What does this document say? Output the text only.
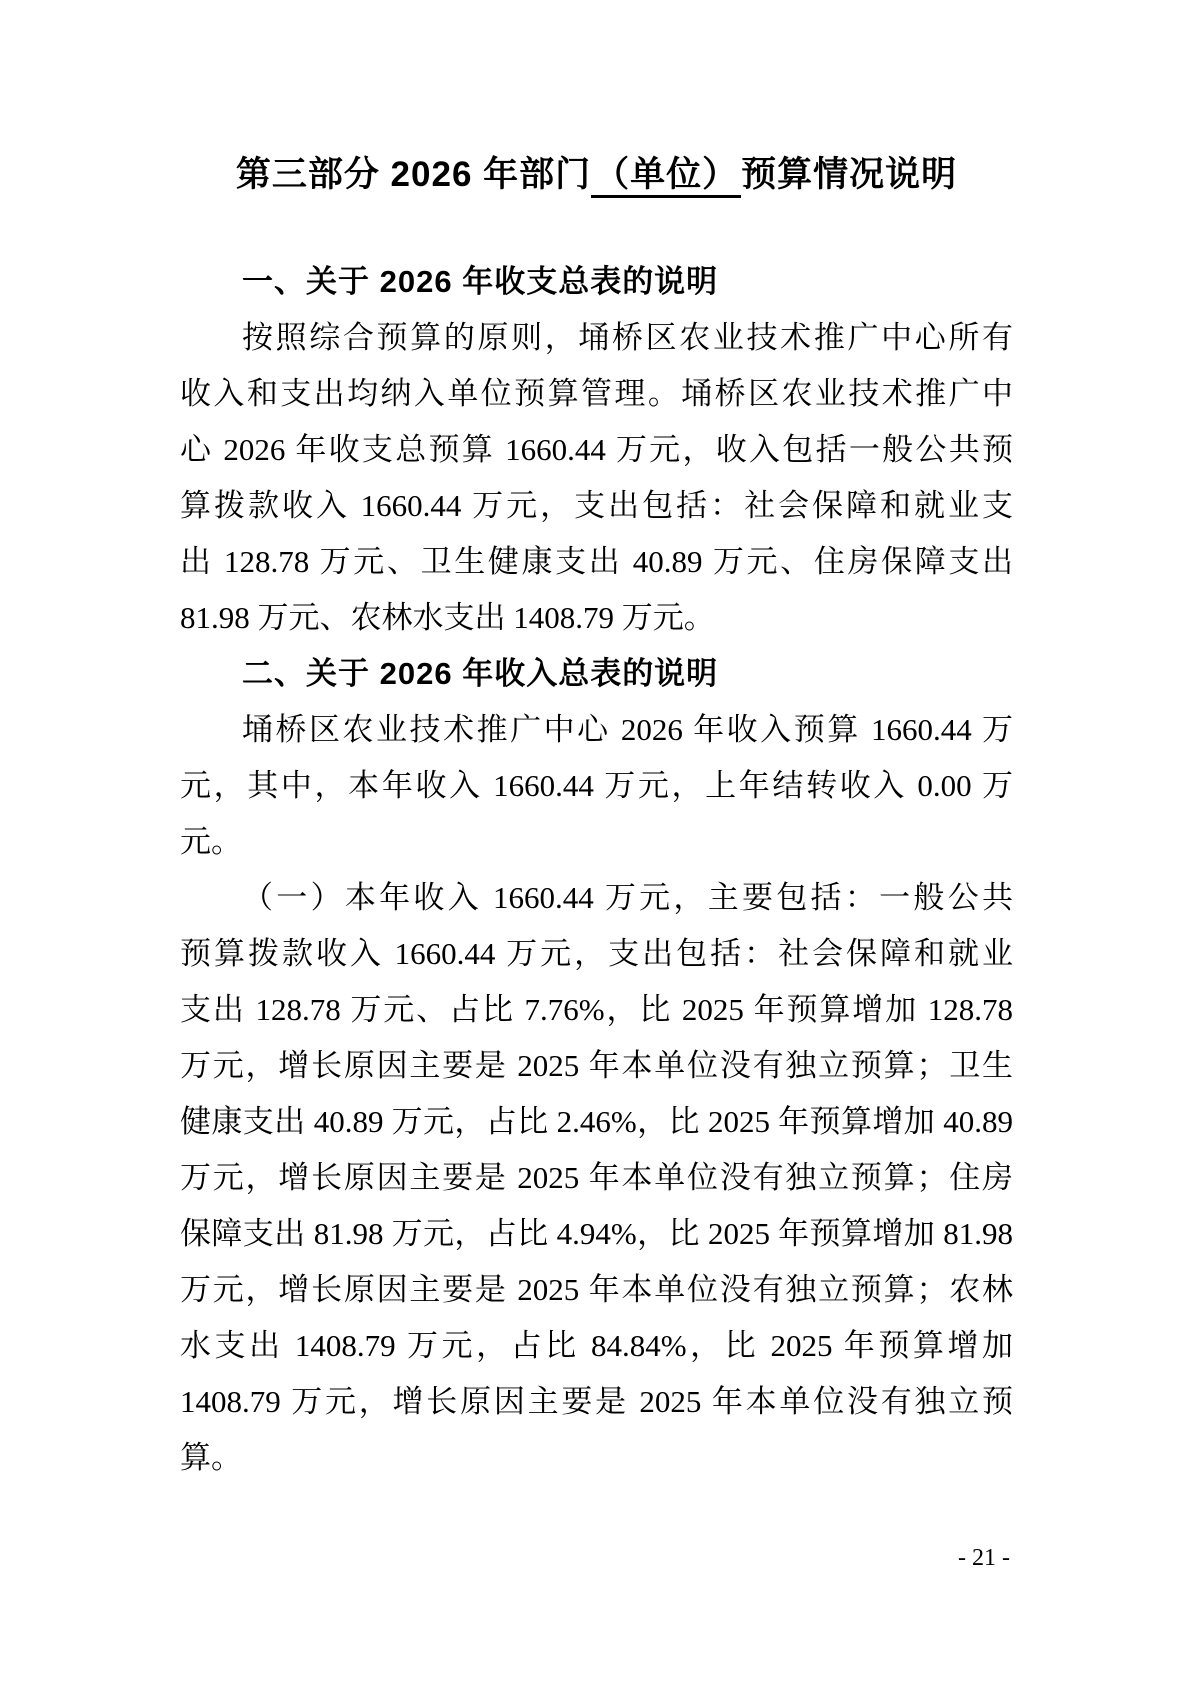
第三部分 2026 年部门（单位）预算情况说明
一、关于 2026 年收支总表的说明
按照综合预算的原则，埇桥区农业技术推广中心所有
收入和支出均纳入单位预算管理。埇桥区农业技术推广中
心 2026 年收支总预算 1660.44 万元，收入包括一般公共预
算拨款收入 1660.44 万元，支出包括：社会保障和就业支
出 128.78 万元、卫生健康支出 40.89 万元、住房保障支出
81.98 万元、农林水支出 1408.79 万元。
二、关于 2026 年收入总表的说明
埇桥区农业技术推广中心 2026 年收入预算 1660.44 万
元，其中，本年收入 1660.44 万元，上年结转收入 0.00 万
元。
（一）本年收入 1660.44 万元，主要包括：一般公共
预算拨款收入 1660.44 万元，支出包括：社会保障和就业
支出 128.78 万元、占比 7.76%，比 2025 年预算增加 128.78
万元，增长原因主要是 2025 年本单位没有独立预算；卫生
健康支出 40.89 万元，占比 2.46%，比 2025 年预算增加 40.89
万元，增长原因主要是 2025 年本单位没有独立预算；住房
保障支出 81.98 万元，占比 4.94%，比 2025 年预算增加 81.98
万元，增长原因主要是 2025 年本单位没有独立预算；农林
水支出 1408.79 万元，占比 84.84%，比 2025 年预算增加
1408.79 万元，增长原因主要是 2025 年本单位没有独立预
算。
- 21 -
